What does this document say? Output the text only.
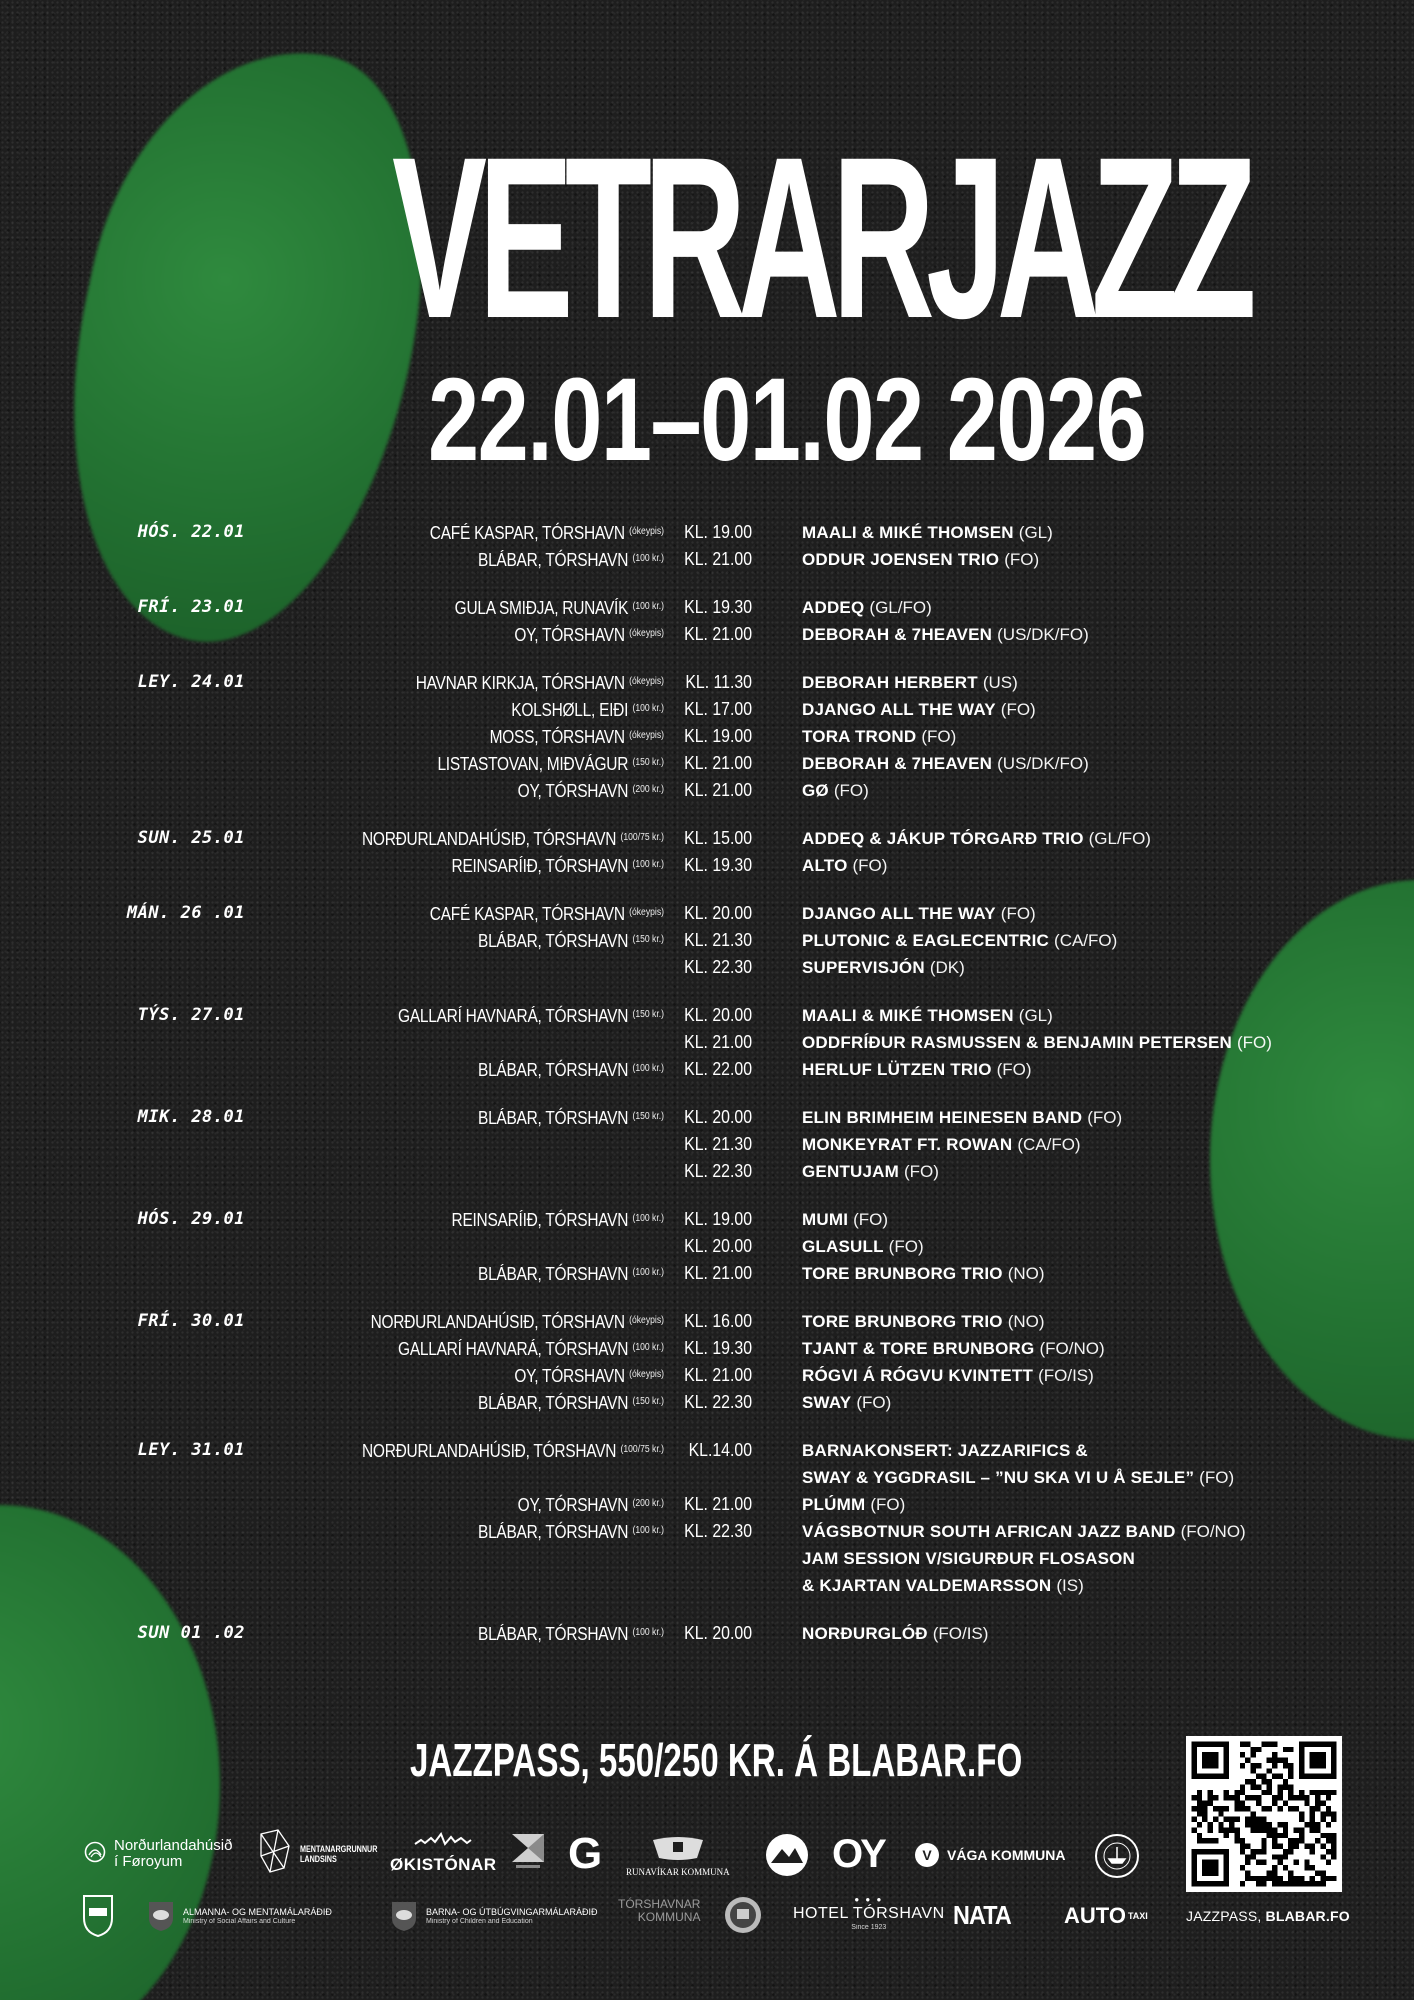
VETRARJAZZ
22.01–01.02 2026
HÓS. 22.01	CAFÉ KASPAR, TÓRSHAVN $^{(ókeypis)}$	KL. 19.00	MAALI & MIKÉ THOMSEN (GL)
BLÁBAR, TÓRSHAVN $^{(100 kr.)}$	KL. 21.00	ODDUR JOENSEN TRIO (FO)
FRÍ. 23.01	GULA SMIÐJA, RUNAVÍK $^{(100 kr.)}$	KL. 19.30	ADDEQ (GL/FO)
OY, TÓRSHAVN $^{(ókeypis)}$	KL. 21.00	DEBORAH & 7HEAVEN (US/DK/FO)
LEY. 24.01	HAVNAR KIRKJA, TÓRSHAVN $^{(ókeypis)}$	KL. 11.30	DEBORAH HERBERT (US)
KOLSHØLL, EIÐI $^{(100 kr.)}$	KL. 17.00	DJANGO ALL THE WAY (FO)
MOSS, TÓRSHAVN $^{(ókeypis)}$	KL. 19.00	TORA TROND (FO)
LISTASTOVAN, MIÐVÁGUR $^{(150 kr.)}$	KL. 21.00	DEBORAH & 7HEAVEN (US/DK/FO)
OY, TÓRSHAVN $^{(200 kr.)}$	KL. 21.00	GØ (FO)
SUN. 25.01	NORÐURLANDAHÚSIÐ, TÓRSHAVN $^{(100/75 kr.)}$	KL. 15.00	ADDEQ & JÁKUP TÓRGARÐ TRIO (GL/FO)
REINSARÍIÐ, TÓRSHAVN $^{(100 kr.)}$	KL. 19.30	ALTO (FO)
MÁN. 26 .01	CAFÉ KASPAR, TÓRSHAVN $^{(ókeypis)}$	KL. 20.00	DJANGO ALL THE WAY (FO)
BLÁBAR, TÓRSHAVN $^{(150 kr.)}$	KL. 21.30	PLUTONIC & EAGLECENTRIC (CA/FO)
KL. 22.30	SUPERVISJÓN (DK)
TÝS. 27.01	GALLARÍ HAVNARÁ, TÓRSHAVN $^{(150 kr.)}$	KL. 20.00	MAALI & MIKÉ THOMSEN (GL)
KL. 21.00	ODDFRÍÐUR RASMUSSEN & BENJAMIN PETERSEN (FO)
BLÁBAR, TÓRSHAVN $^{(100 kr.)}$	KL. 22.00	HERLUF LÜTZEN TRIO (FO)
MIK. 28.01	BLÁBAR, TÓRSHAVN $^{(150 kr.)}$	KL. 20.00	ELIN BRIMHEIM HEINESEN BAND (FO)
KL. 21.30	MONKEYRAT FT. ROWAN (CA/FO)
KL. 22.30	GENTUJAM (FO)
HÓS. 29.01	REINSARÍIÐ, TÓRSHAVN $^{(100 kr.)}$	KL. 19.00	MUMI (FO)
KL. 20.00	GLASULL (FO)
BLÁBAR, TÓRSHAVN $^{(100 kr.)}$	KL. 21.00	TORE BRUNBORG TRIO (NO)
FRÍ. 30.01	NORÐURLANDAHÚSIÐ, TÓRSHAVN $^{(ókeypis)}$	KL. 16.00	TORE BRUNBORG TRIO (NO)
GALLARÍ HAVNARÁ, TÓRSHAVN $^{(100 kr.)}$	KL. 19.30	TJANT & TORE BRUNBORG (FO/NO)
OY, TÓRSHAVN $^{(ókeypis)}$	KL. 21.00	RÓGVI Á RÓGVU KVINTETT (FO/IS)
BLÁBAR, TÓRSHAVN $^{(150 kr.)}$	KL. 22.30	SWAY (FO)
LEY. 31.01	NORÐURLANDAHÚSIÐ, TÓRSHAVN $^{(100/75 kr.)}$	KL.14.00	BARNAKONSERT: JAZZARIFICS &
SWAY & YGGDRASIL – ”NU SKA VI U Å SEJLE” (FO)
OY, TÓRSHAVN $^{(200 kr.)}$	KL. 21.00	PLÚMM (FO)
BLÁBAR, TÓRSHAVN $^{(100 kr.)}$	KL. 22.30	VÁGSBOTNUR SOUTH AFRICAN JAZZ BAND (FO/NO)
JAM SESSION V/SIGURÐUR FLOSASON
& KJARTAN VALDEMARSSON (IS)
SUN 01 .02	BLÁBAR, TÓRSHAVN $^{(100 kr.)}$	KL. 20.00	NORÐURGLÓÐ (FO/IS)
JAZZPASS, 550/250 KR. Á BLABAR.FO
Norðurlandahúsið
í Føroyum
MENTANARGRUNNUR
LANDSINS	ØKISTÓNAR G	RUNAVÍKAR KOMMUNA	OY	V	VÁGA KOMMUNA
ALMANNA- OG MENTAMÁLARÁÐIÐ
Ministry of Social Affairs and Culture
BARNA- OG ÚTBÚGVINGARMÁLARÁÐIÐ
Ministry of Children and Education
TÓRSHAVNAR
KOMMUNA
● ● ●
HOTEL TÓRSHAVN
Since 1923	NATA AUTO TAXI	JAZZPASS, BLABAR.FO
